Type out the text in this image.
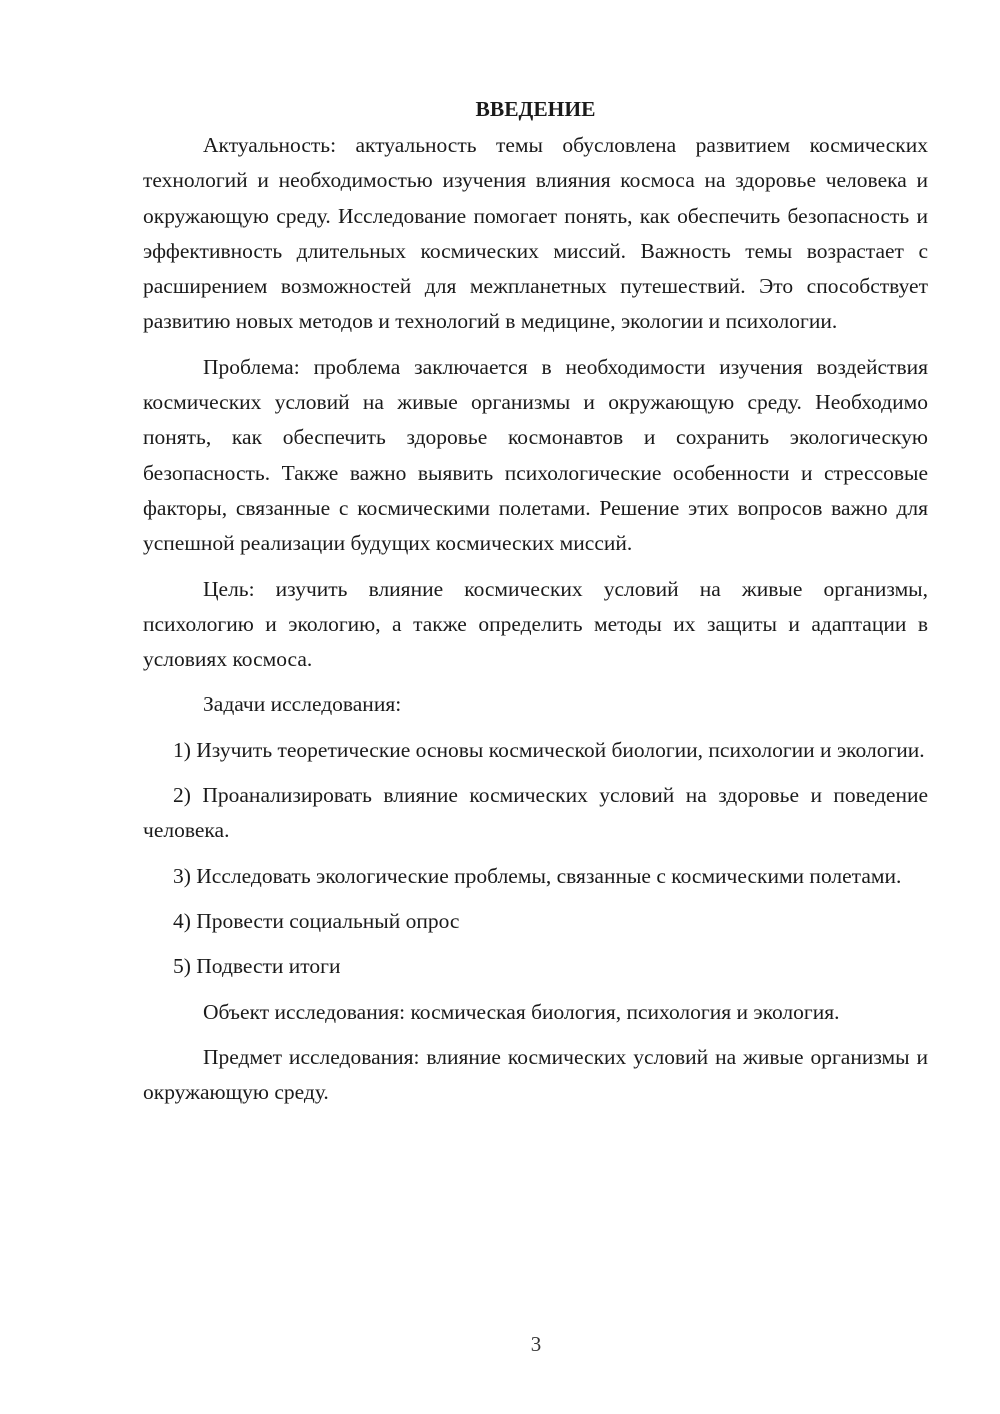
ВВЕДЕНИЕ

Актуальность: актуальность темы обусловлена развитием космических технологий и необходимостью изучения влияния космоса на здоровье человека и окружающую среду. Исследование помогает понять, как обеспечить безопасность и эффективность длительных космических миссий. Важность темы возрастает с расширением возможностей для межпланетных путешествий. Это способствует развитию новых методов и технологий в медицине, экологии и психологии.

Проблема: проблема заключается в необходимости изучения воздействия космических условий на живые организмы и окружающую среду. Необходимо понять, как обеспечить здоровье космонавтов и сохранить экологическую безопасность. Также важно выявить психологические особенности и стрессовые факторы, связанные с космическими полетами. Решение этих вопросов важно для успешной реализации будущих космических миссий.

Цель: изучить влияние космических условий на живые организмы, психологию и экологию, а также определить методы их защиты и адаптации в условиях космоса.

Задачи исследования:

1) Изучить теоретические основы космической биологии, психологии и экологии.

2) Проанализировать влияние космических условий на здоровье и поведение человека.

3) Исследовать экологические проблемы, связанные с космическими полетами.

4) Провести социальный опрос

5) Подвести итоги

Объект исследования: космическая биология, психология и экология.

Предмет исследования: влияние космических условий на живые организмы и окружающую среду.

3
